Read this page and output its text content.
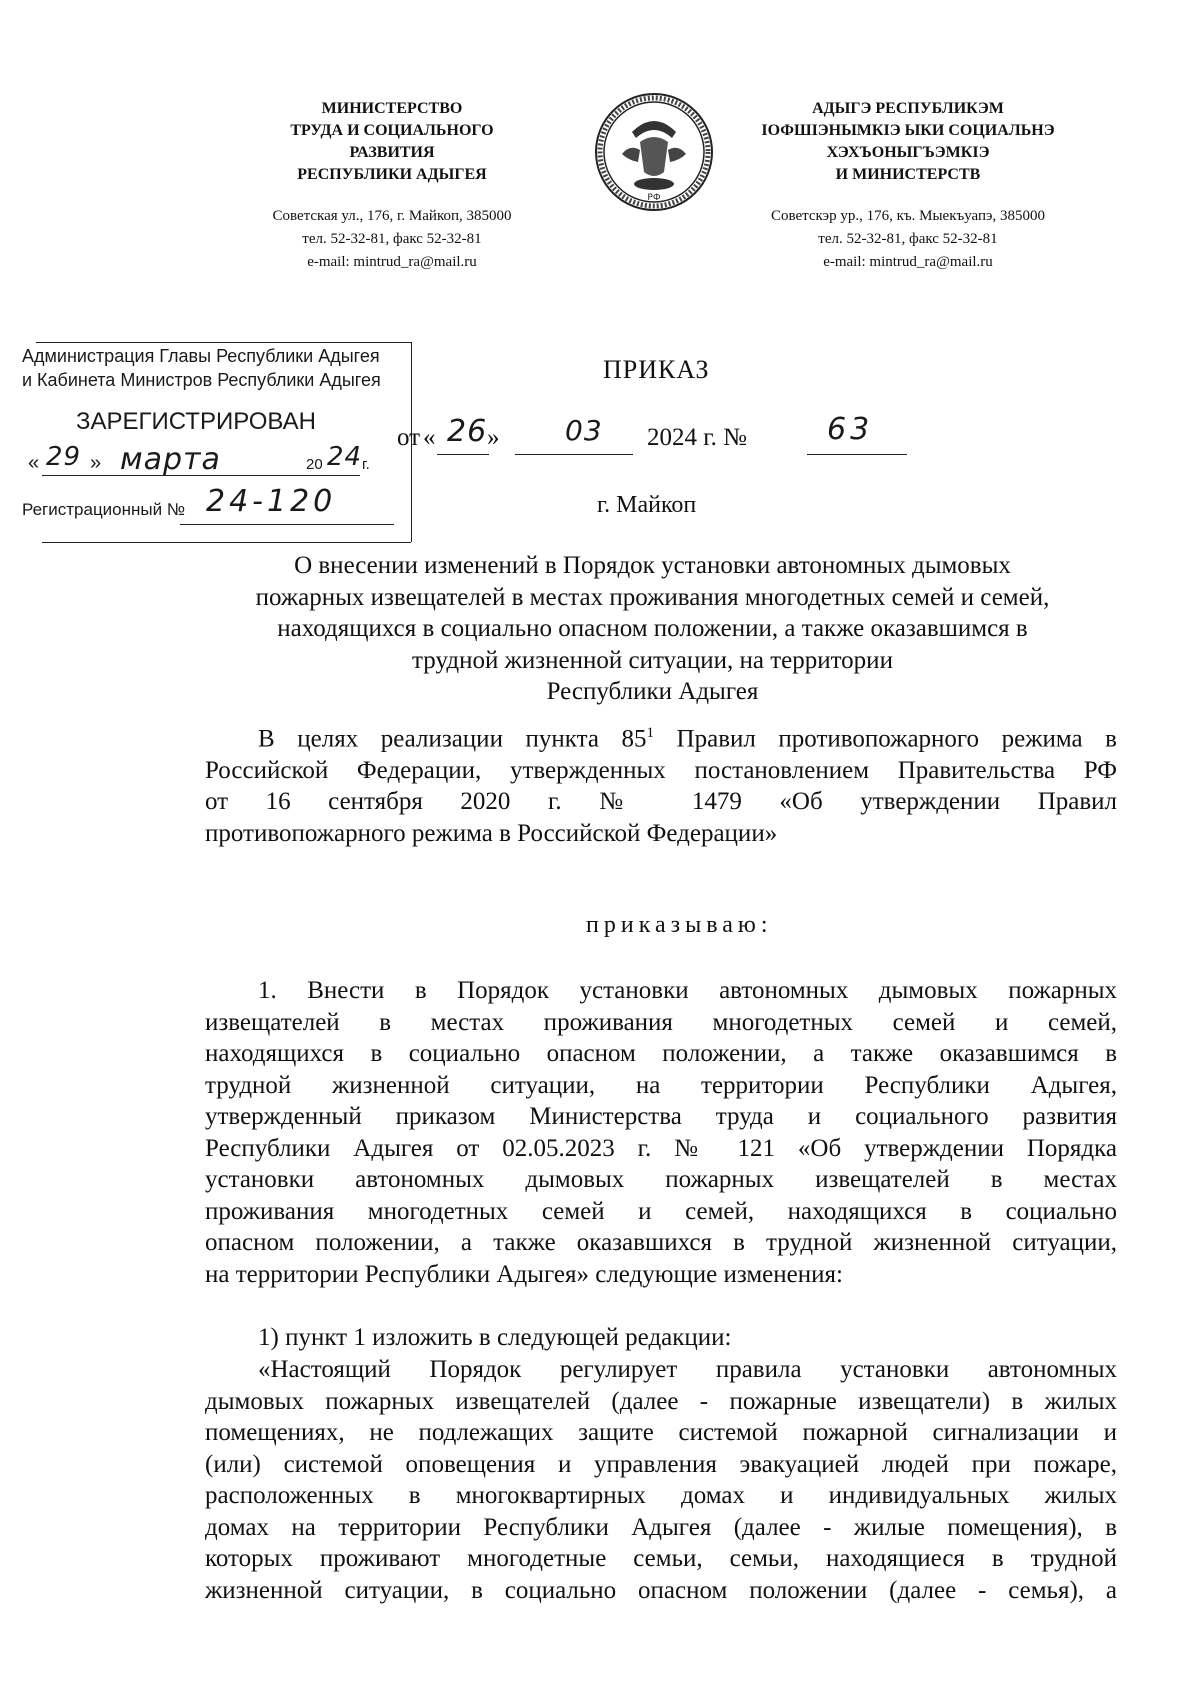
МИНИСТЕРСТВО
ТРУДА И СОЦИАЛЬНОГО
РАЗВИТИЯ
РЕСПУБЛИКИ АДЫГЕЯ
Советская ул., 176, г. Майкоп, 385000
тел. 52-32-81, факс 52-32-81
e-mail: mintrud_ra@mail.ru
РФ
АДЫГЭ РЕСПУБЛИКЭМ
IОФШIЭНЫМКIЭ ЫКИ СОЦИАЛЬНЭ
ХЭХЪОНЫГЪЭМКIЭ
И МИНИСТЕРСТВ
Советскэр ур., 176, къ. Мыекъуапэ, 385000
тел. 52-32-81, факс 52-32-81
e-mail: mintrud_ra@mail.ru
Администрация Главы Республики Адыгея
и Кабинета Министров Республики Адыгея
ЗАРЕГИСТРИРОВАН
« 29 » марта	20 24 г.
Регистрационный № 24-120
ПРИКАЗ
от « 26 » 03 2024 г. №	63
г. Майкоп
О внесении изменений в Порядок установки автономных дымовых
пожарных извещателей в местах проживания многодетных семей и семей,
находящихся в социально опасном положении, а также оказавшимся в
трудной жизненной ситуации, на территории
Республики Адыгея
В целях реализации пункта $85^1$ Правил противопожарного режима в
Российской Федерации, утвержденных постановлением Правительства РФ
от 16 сентября 2020 г. № 1479 «Об утверждении Правил
противопожарного режима в Российской Федерации»
приказываю:
1. Внести в Порядок установки автономных дымовых пожарных
извещателей в местах проживания многодетных семей и семей,
находящихся в социально опасном положении, а также оказавшимся в
трудной жизненной ситуации, на территории Республики Адыгея,
утвержденный приказом Министерства труда и социального развития
Республики Адыгея от 02.05.2023 г. № 121 «Об утверждении Порядка
установки автономных дымовых пожарных извещателей в местах
проживания многодетных семей и семей, находящихся в социально
опасном положении, а также оказавшихся в трудной жизненной ситуации,
на территории Республики Адыгея» следующие изменения:
1) пункт 1 изложить в следующей редакции:
«Настоящий Порядок регулирует правила установки автономных
дымовых пожарных извещателей (далее - пожарные извещатели) в жилых
помещениях, не подлежащих защите системой пожарной сигнализации и
(или) системой оповещения и управления эвакуацией людей при пожаре,
расположенных в многоквартирных домах и индивидуальных жилых
домах на территории Республики Адыгея (далее - жилые помещения), в
которых проживают многодетные семьи, семьи, находящиеся в трудной
жизненной ситуации, в социально опасном положении (далее - семья), а
